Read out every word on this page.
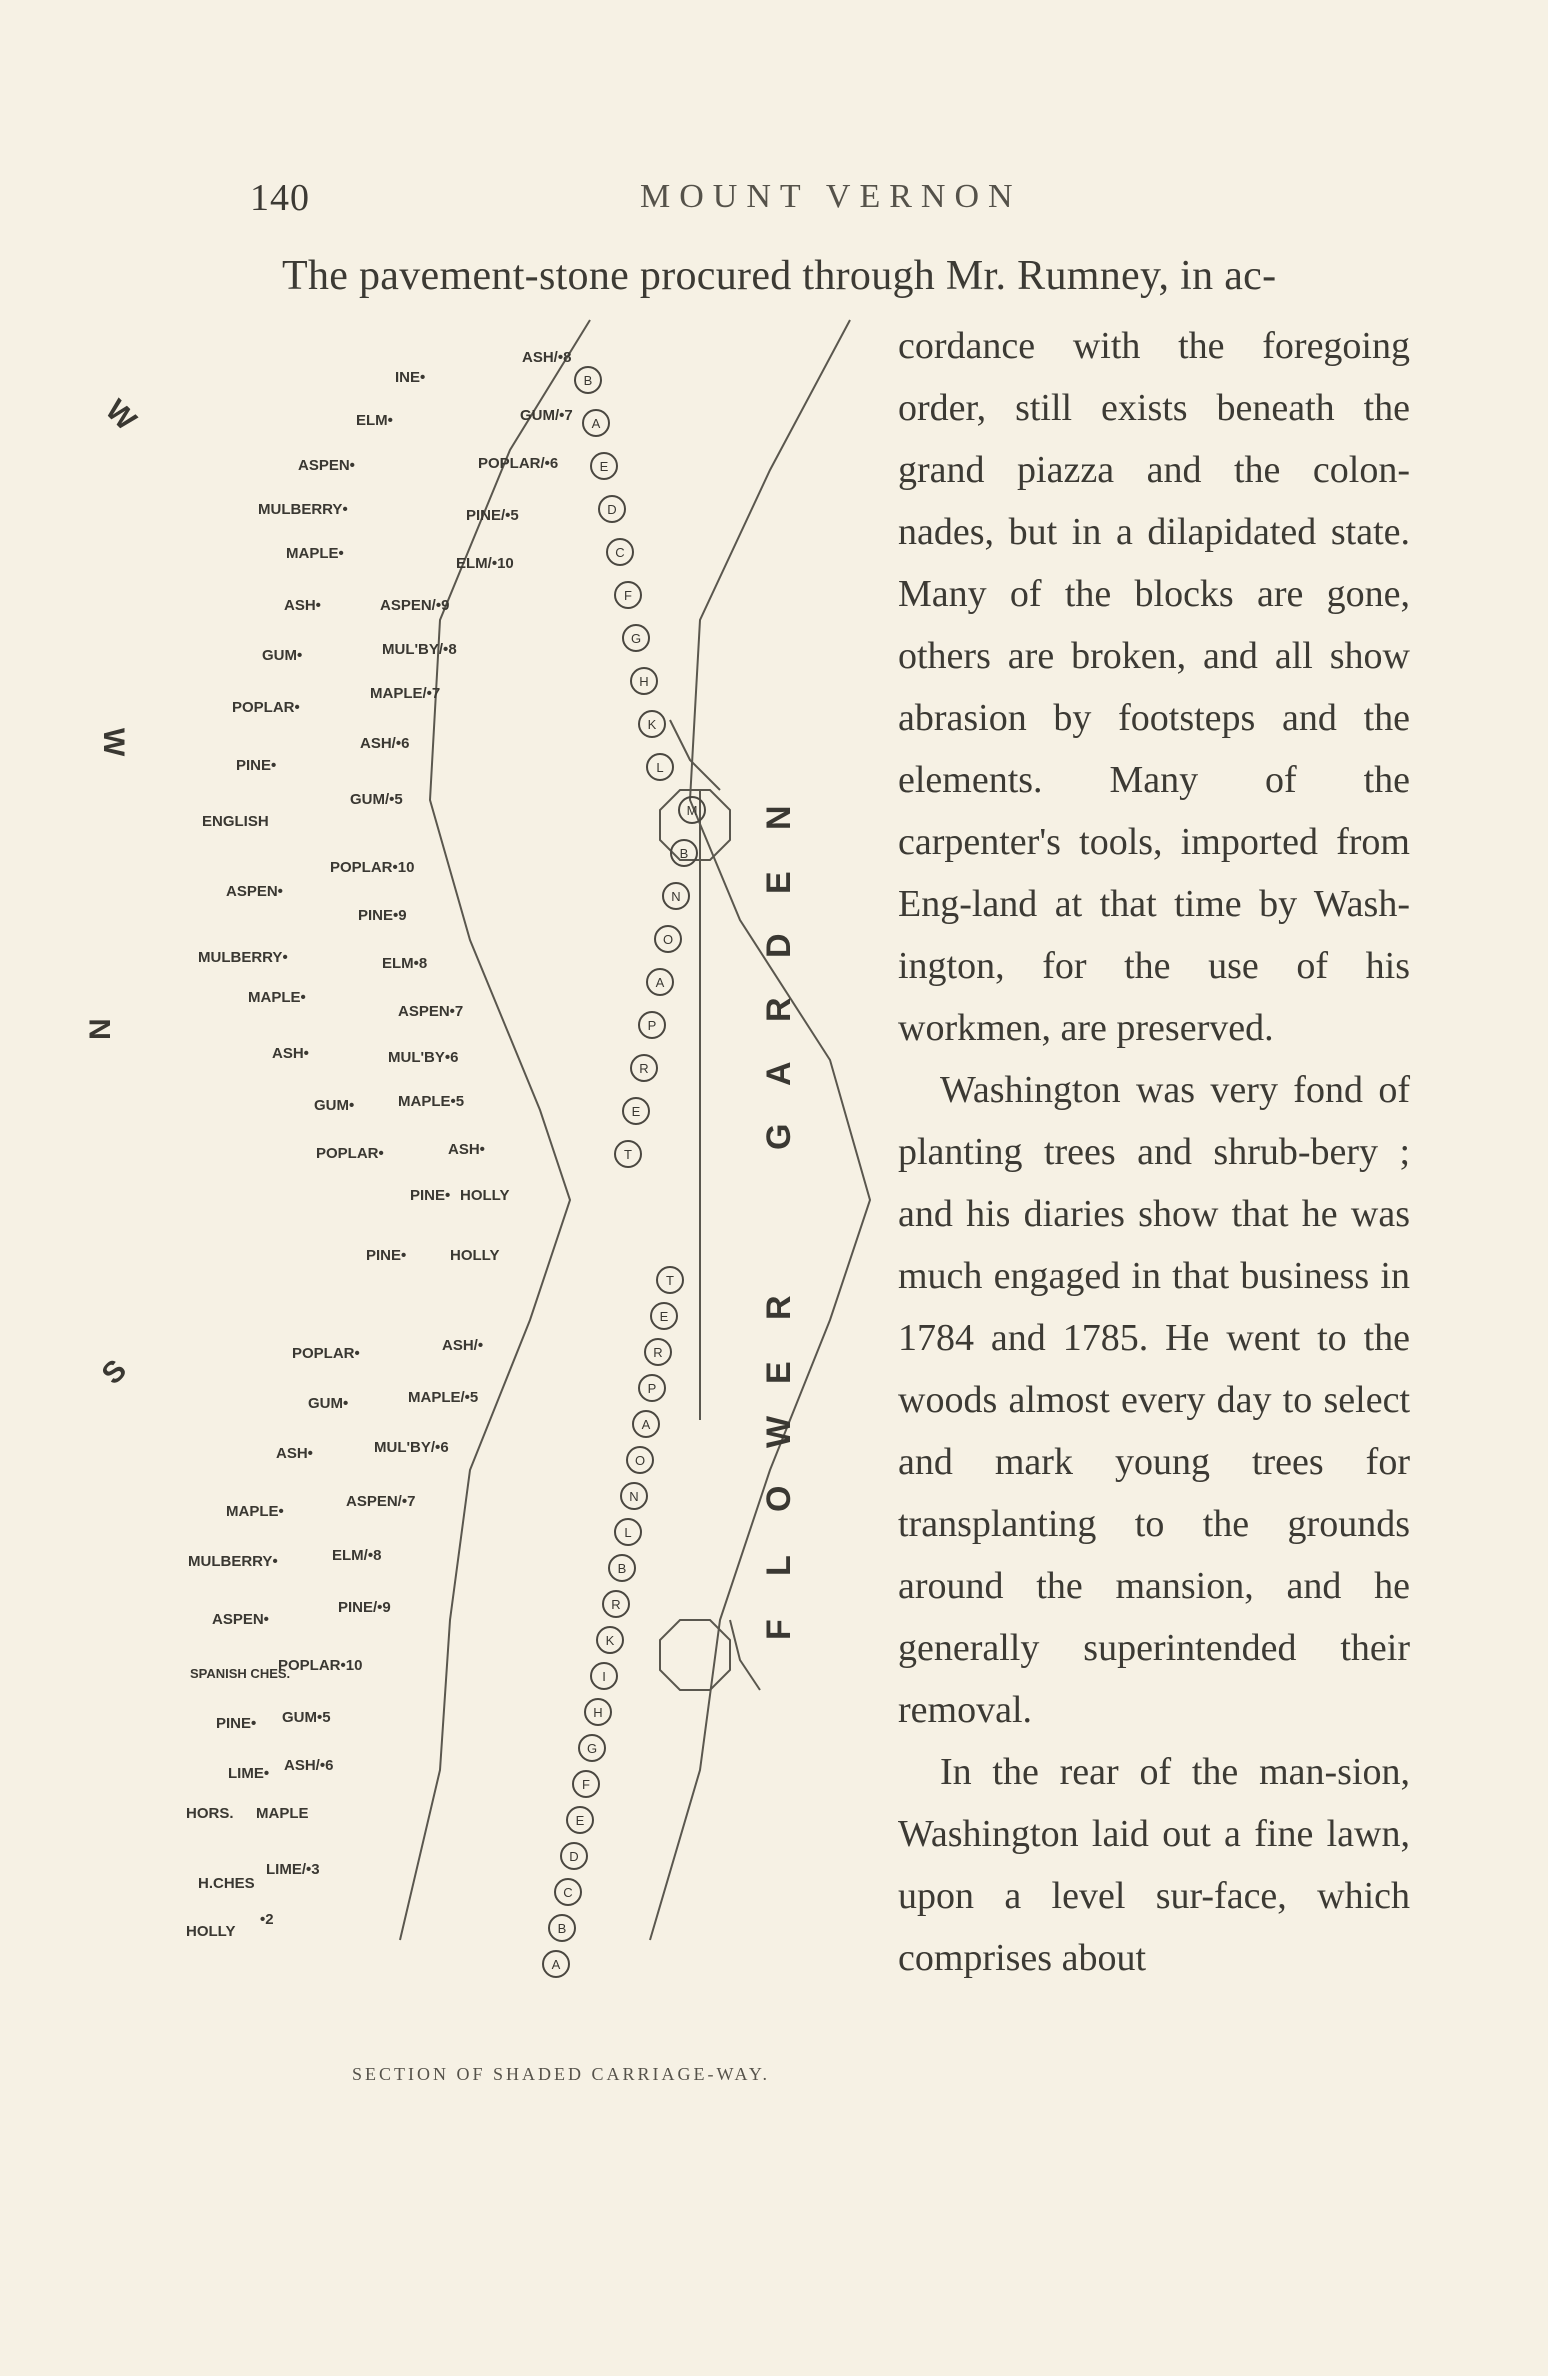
140	MOUNT VERNON
The pavement-stone procured through Mr. Rumney, in ac-

cordance with the foregoing order, still exists beneath the grand piazza and the colon-nades, but in a dilapidated state. Many of the blocks are gone, others are broken, and all show abrasion by footsteps and the elements. Many of the carpenter's tools, imported from Eng-land at that time by Wash-ington, for the use of his workmen, are preserved.

Washington was very fond of planting trees and shrub-bery ; and his diaries show that he was much engaged in that business in 1784 and 1785. He went to the woods almost every day to select and mark young trees for transplanting to the grounds around the mansion, and he generally superintended their removal.

In the rear of the man-sion, Washington laid out a fine lawn, upon a level sur-face, which comprises about

INE•
ELM•
ASPEN•
MULBERRY•
MAPLE•
ASH•
GUM•
POPLAR•
PINE•
ENGLISH
ASPEN•
MULBERRY•
MAPLE•
ASH•
GUM•
POPLAR•
PINE•
ASH/•8
GUM/•7
POPLAR/•6
PINE/•5
ELM/•10
ASPEN/•9
MUL'BY/•8
MAPLE/•7
ASH/•6
GUM/•5
POPLAR•10
PINE•9
ELM•8
ASPEN•7
MUL'BY•6
MAPLE•5
ASH•
HOLLY
PINE•
POPLAR•
GUM•
ASH•
MAPLE•
MULBERRY•
ASPEN•
SPANISH CHES.
PINE•
LIME•
HORS.
H.CHES
HOLLY
HOLLY
ASH/•
MAPLE/•5
MUL'BY/•6
ASPEN/•7
ELM/•8
PINE/•9
POPLAR•10
GUM•5
ASH/•6
MAPLE
LIME/•3
•2
B
A
E
D
C
F
G
H
K
L
M
B
N
O
A
P
R
E
T
T
E
R
P
A
O
N
L
B
R
K
I
H
G
F
E
D
C
B
A
N
E
D
R
A
G
R
E
W
O
L
F
W
W
N
S
SECTION OF SHADED CARRIAGE-WAY.
